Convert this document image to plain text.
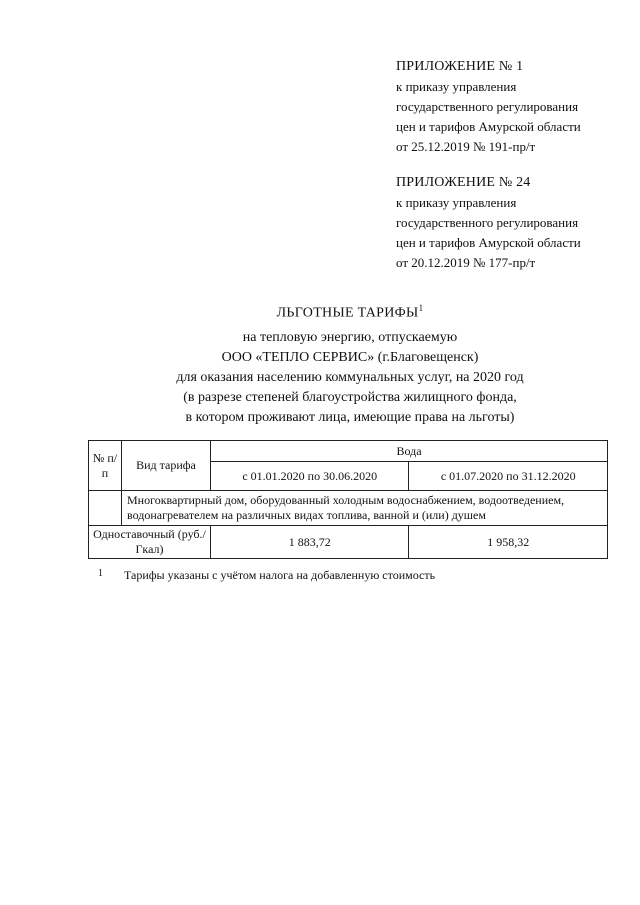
ПРИЛОЖЕНИЕ № 1
к приказу управления
государственного регулирования
цен и тарифов Амурской области
от 25.12.2019 № 191-пр/т
ПРИЛОЖЕНИЕ № 24
к приказу управления
государственного регулирования
цен и тарифов Амурской области
от 20.12.2019 № 177-пр/т
ЛЬГОТНЫЕ ТАРИФЫ$^1$
на тепловую энергию, отпускаемую
ООО «ТЕПЛО СЕРВИС» (г.Благовещенск)
для оказания населению коммунальных услуг, на 2020 год
(в разрезе степеней благоустройства жилищного фонда,
в котором проживают лица, имеющие права на льготы)
№ п/п	Вид тарифа	Вода	
		с 01.01.2020 по 30.06.2020	с 01.07.2020 по 31.12.2020
	Многоквартирный дом, оборудованный холодным водоснабжением, водоотведением, водонагревателем на различных видах топлива, ванной и (или) душем		
Одноставочный (руб./Гкал)		1 883,72	1 958,32
1 Тарифы указаны с учётом налога на добавленную стоимость
